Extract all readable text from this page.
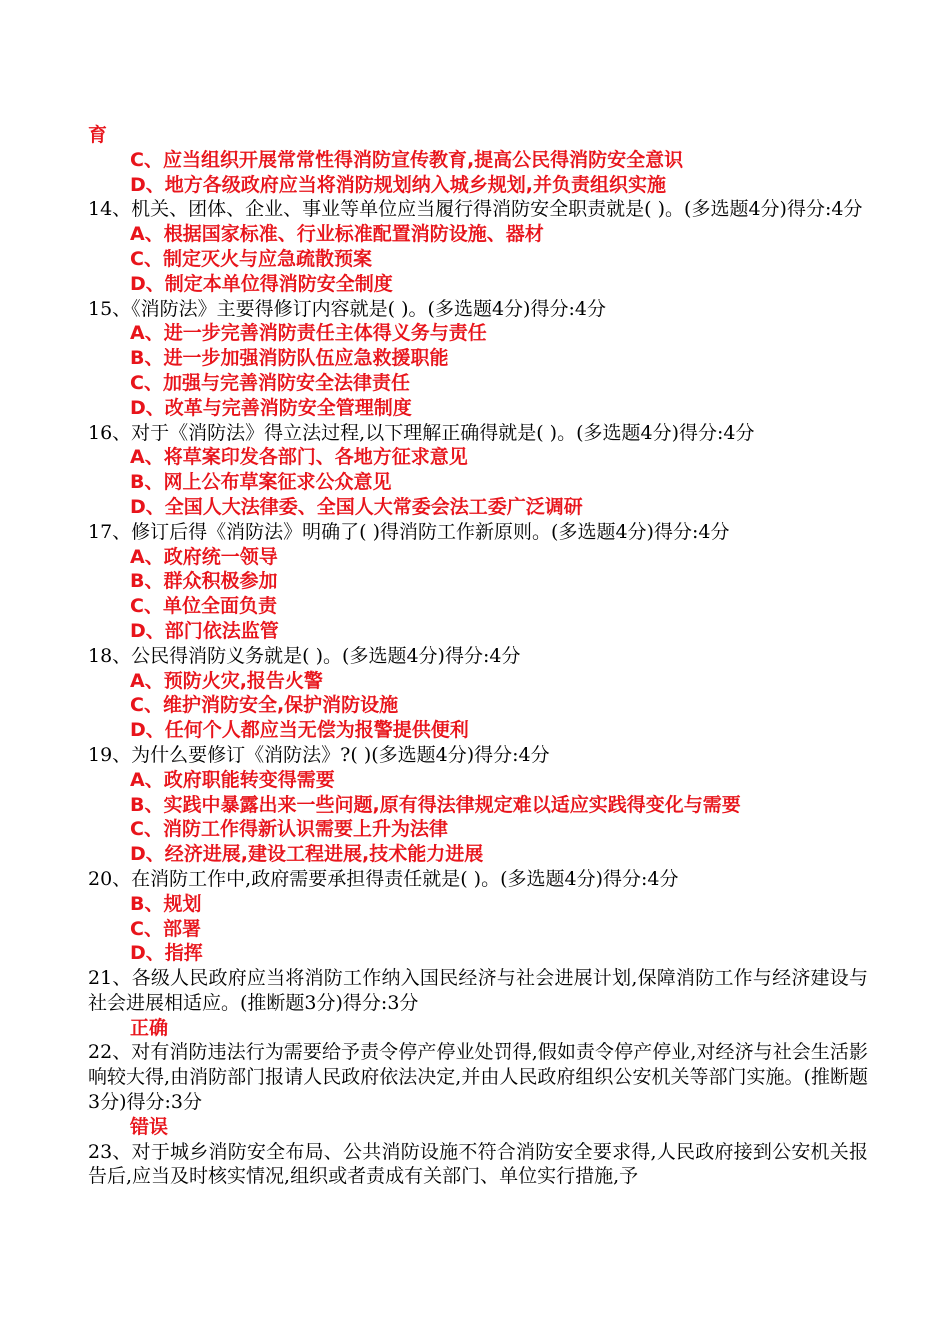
育
C、应当组织开展常常性得消防宣传教育,提高公民得消防安全意识
D、地方各级政府应当将消防规划纳入城乡规划,并负责组织实施
14、机关、团体、企业、事业等单位应当履行得消防安全职责就是( )。(多选题4分)得分:4分
A、根据国家标准、行业标准配置消防设施、器材
C、制定灭火与应急疏散预案
D、制定本单位得消防安全制度
15、《消防法》主要得修订内容就是( )。(多选题4分)得分:4分
A、进一步完善消防责任主体得义务与责任
B、进一步加强消防队伍应急救援职能
C、加强与完善消防安全法律责任
D、改革与完善消防安全管理制度
16、对于《消防法》得立法过程,以下理解正确得就是( )。(多选题4分)得分:4分
A、将草案印发各部门、各地方征求意见
B、网上公布草案征求公众意见
D、全国人大法律委、全国人大常委会法工委广泛调研
17、修订后得《消防法》明确了( )得消防工作新原则。(多选题4分)得分:4分
A、政府统一领导
B、群众积极参加
C、单位全面负责
D、部门依法监管
18、公民得消防义务就是( )。(多选题4分)得分:4分
A、预防火灾,报告火警
C、维护消防安全,保护消防设施
D、任何个人都应当无偿为报警提供便利
19、为什么要修订《消防法》?( )(多选题4分)得分:4分
A、政府职能转变得需要
B、实践中暴露出来一些问题,原有得法律规定难以适应实践得变化与需要
C、消防工作得新认识需要上升为法律
D、经济进展,建设工程进展,技术能力进展
20、在消防工作中,政府需要承担得责任就是( )。(多选题4分)得分:4分
B、规划
C、部署
D、指挥
21、各级人民政府应当将消防工作纳入国民经济与社会进展计划,保障消防工作与经济建设与社会进展相适应。(推断题3分)得分:3分
正确
22、对有消防违法行为需要给予责令停产停业处罚得,假如责令停产停业,对经济与社会生活影响较大得,由消防部门报请人民政府依法决定,并由人民政府组织公安机关等部门实施。(推断题3分)得分:3分
错误
23、对于城乡消防安全布局、公共消防设施不符合消防安全要求得,人民政府接到公安机关报告后,应当及时核实情况,组织或者责成有关部门、单位实行措施,予
